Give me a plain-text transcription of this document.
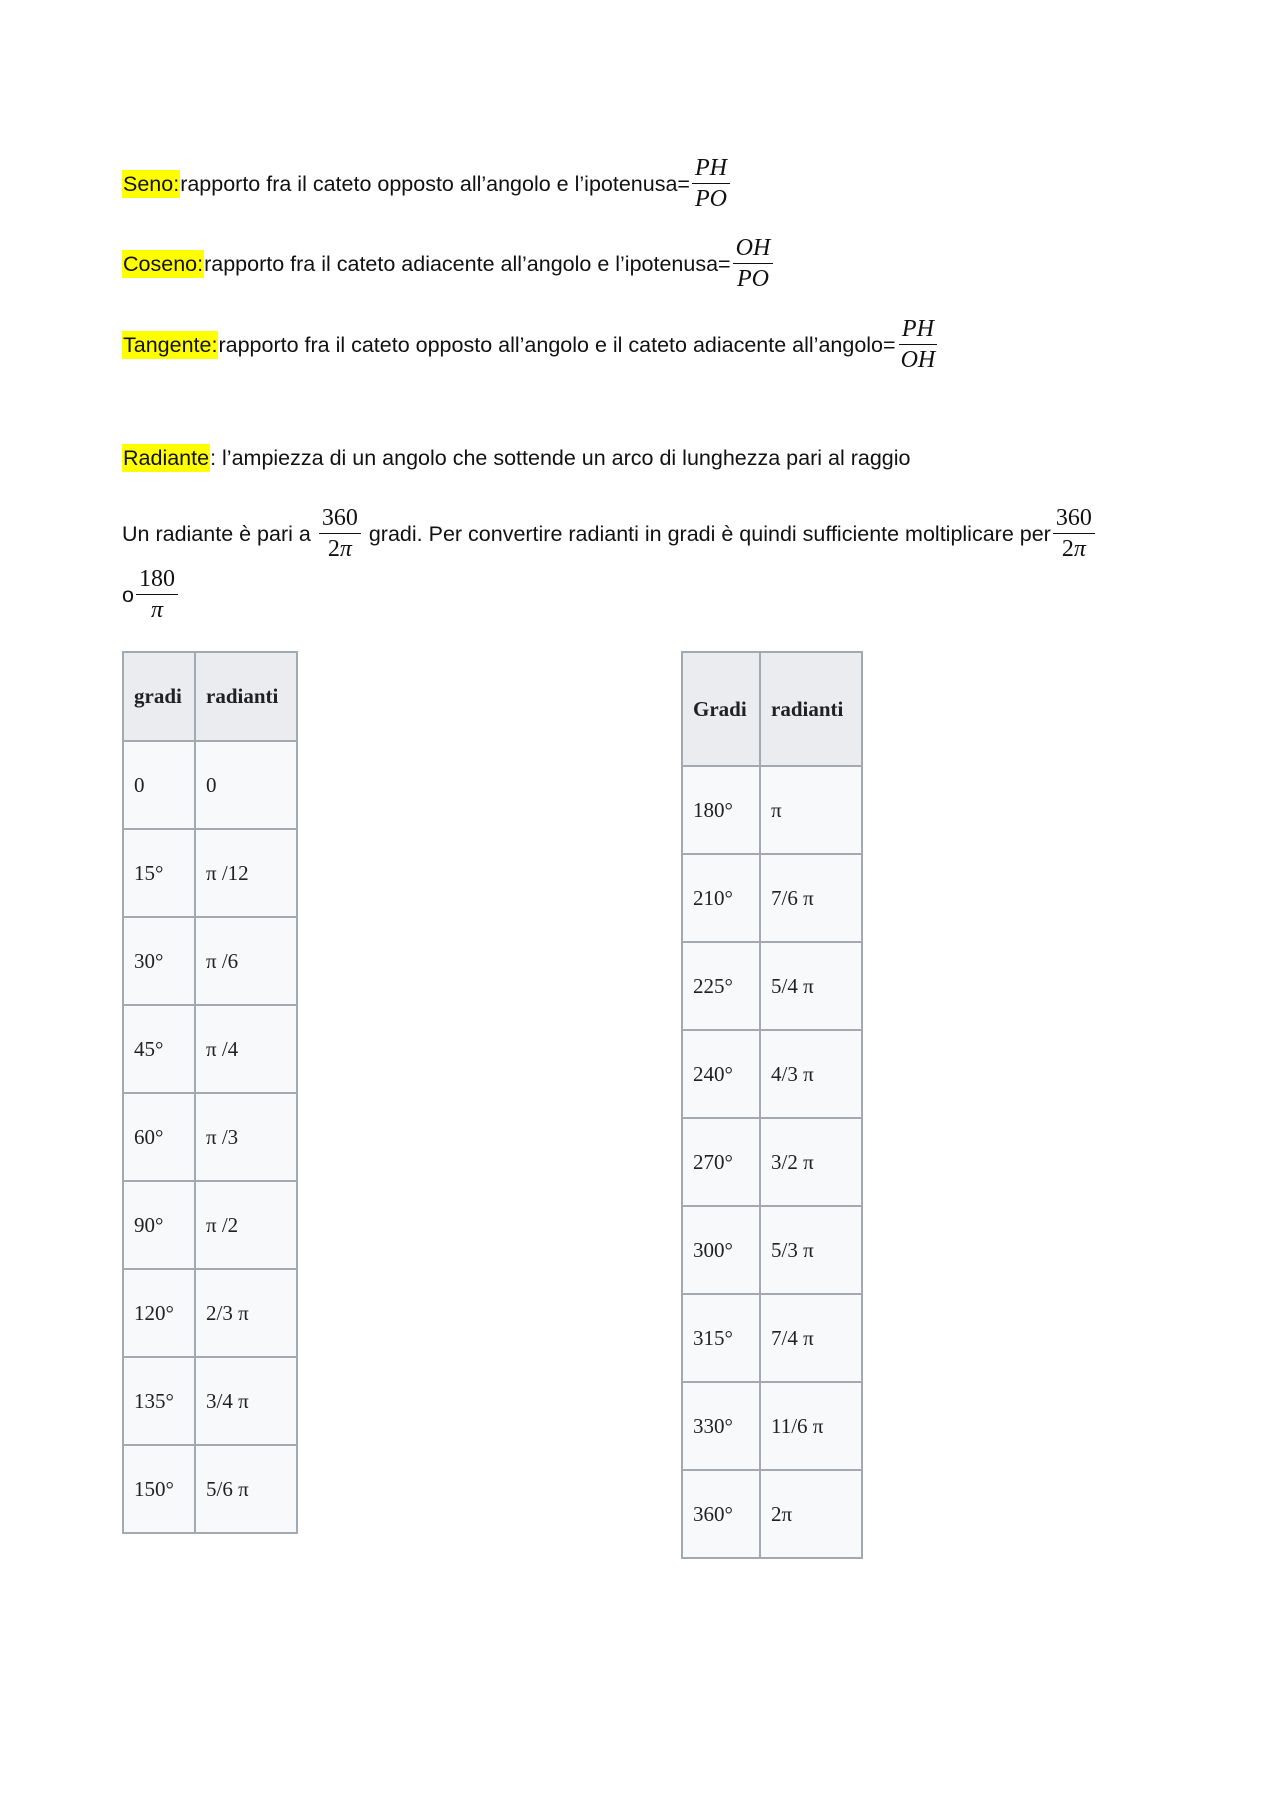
Seno: rapporto fra il cateto opposto all’angolo e l’ipotenusa= $\frac{PH}{PO}$
Coseno: rapporto fra il cateto adiacente all’angolo e l’ipotenusa= $\frac{OH}{PO}$
Tangente: rapporto fra il cateto opposto all’angolo e il cateto adiacente all’angolo= $\frac{PH}{OH}$
Radiante : l’ampiezza di un angolo che sottende un arco di lunghezza pari al raggio
Un radiante è pari a $\frac{360}{2\pi}$ gradi. Per convertire radianti in gradi è quindi sufficiente moltiplicare per $\frac{360}{2\pi}$
o $\frac{180}{\pi}$
gradi	radianti
0	0
15°	π /12
30°	π /6
45°	π /4
60°	π /3
90°	π /2
120°	2/3 π
135°	3/4 π
150°	5/6 π
Gradi	radianti
180°	π
210°	7/6 π
225°	5/4 π
240°	4/3 π
270°	3/2 π
300°	5/3 π
315°	7/4 π
330°	11/6 π
360°	2π
